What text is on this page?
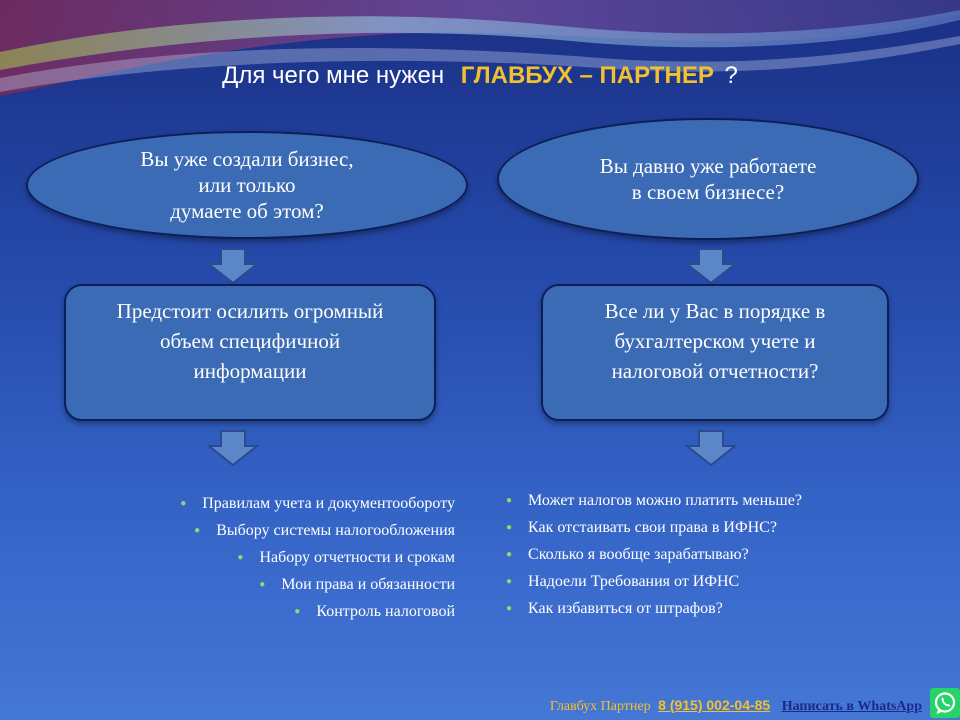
Для чего мне нужен ГЛАВБУХ – ПАРТНЕР ?
Вы уже создали бизнес,
или только
думаете об этом?
Вы давно уже работаете
в своем бизнесе?
Предстоит осилить огромный
объем специфичной
информации
Все ли у Вас в порядке в
бухгалтерском учете и
налоговой отчетности?
● Правилам учета и документообороту
● Выбору системы налогообложения
● Набору отчетности и срокам
● Мои права и обязанности
● Контроль налоговой
● Может налогов можно платить меньше?
● Как отстаивать свои права в ИФНС?
● Сколько я вообще зарабатываю?
● Надоели Требования от ИФНС
● Как избавиться от штрафов?
Главбух Партнер 8 (915) 002-04-85 Написать в WhatsApp
